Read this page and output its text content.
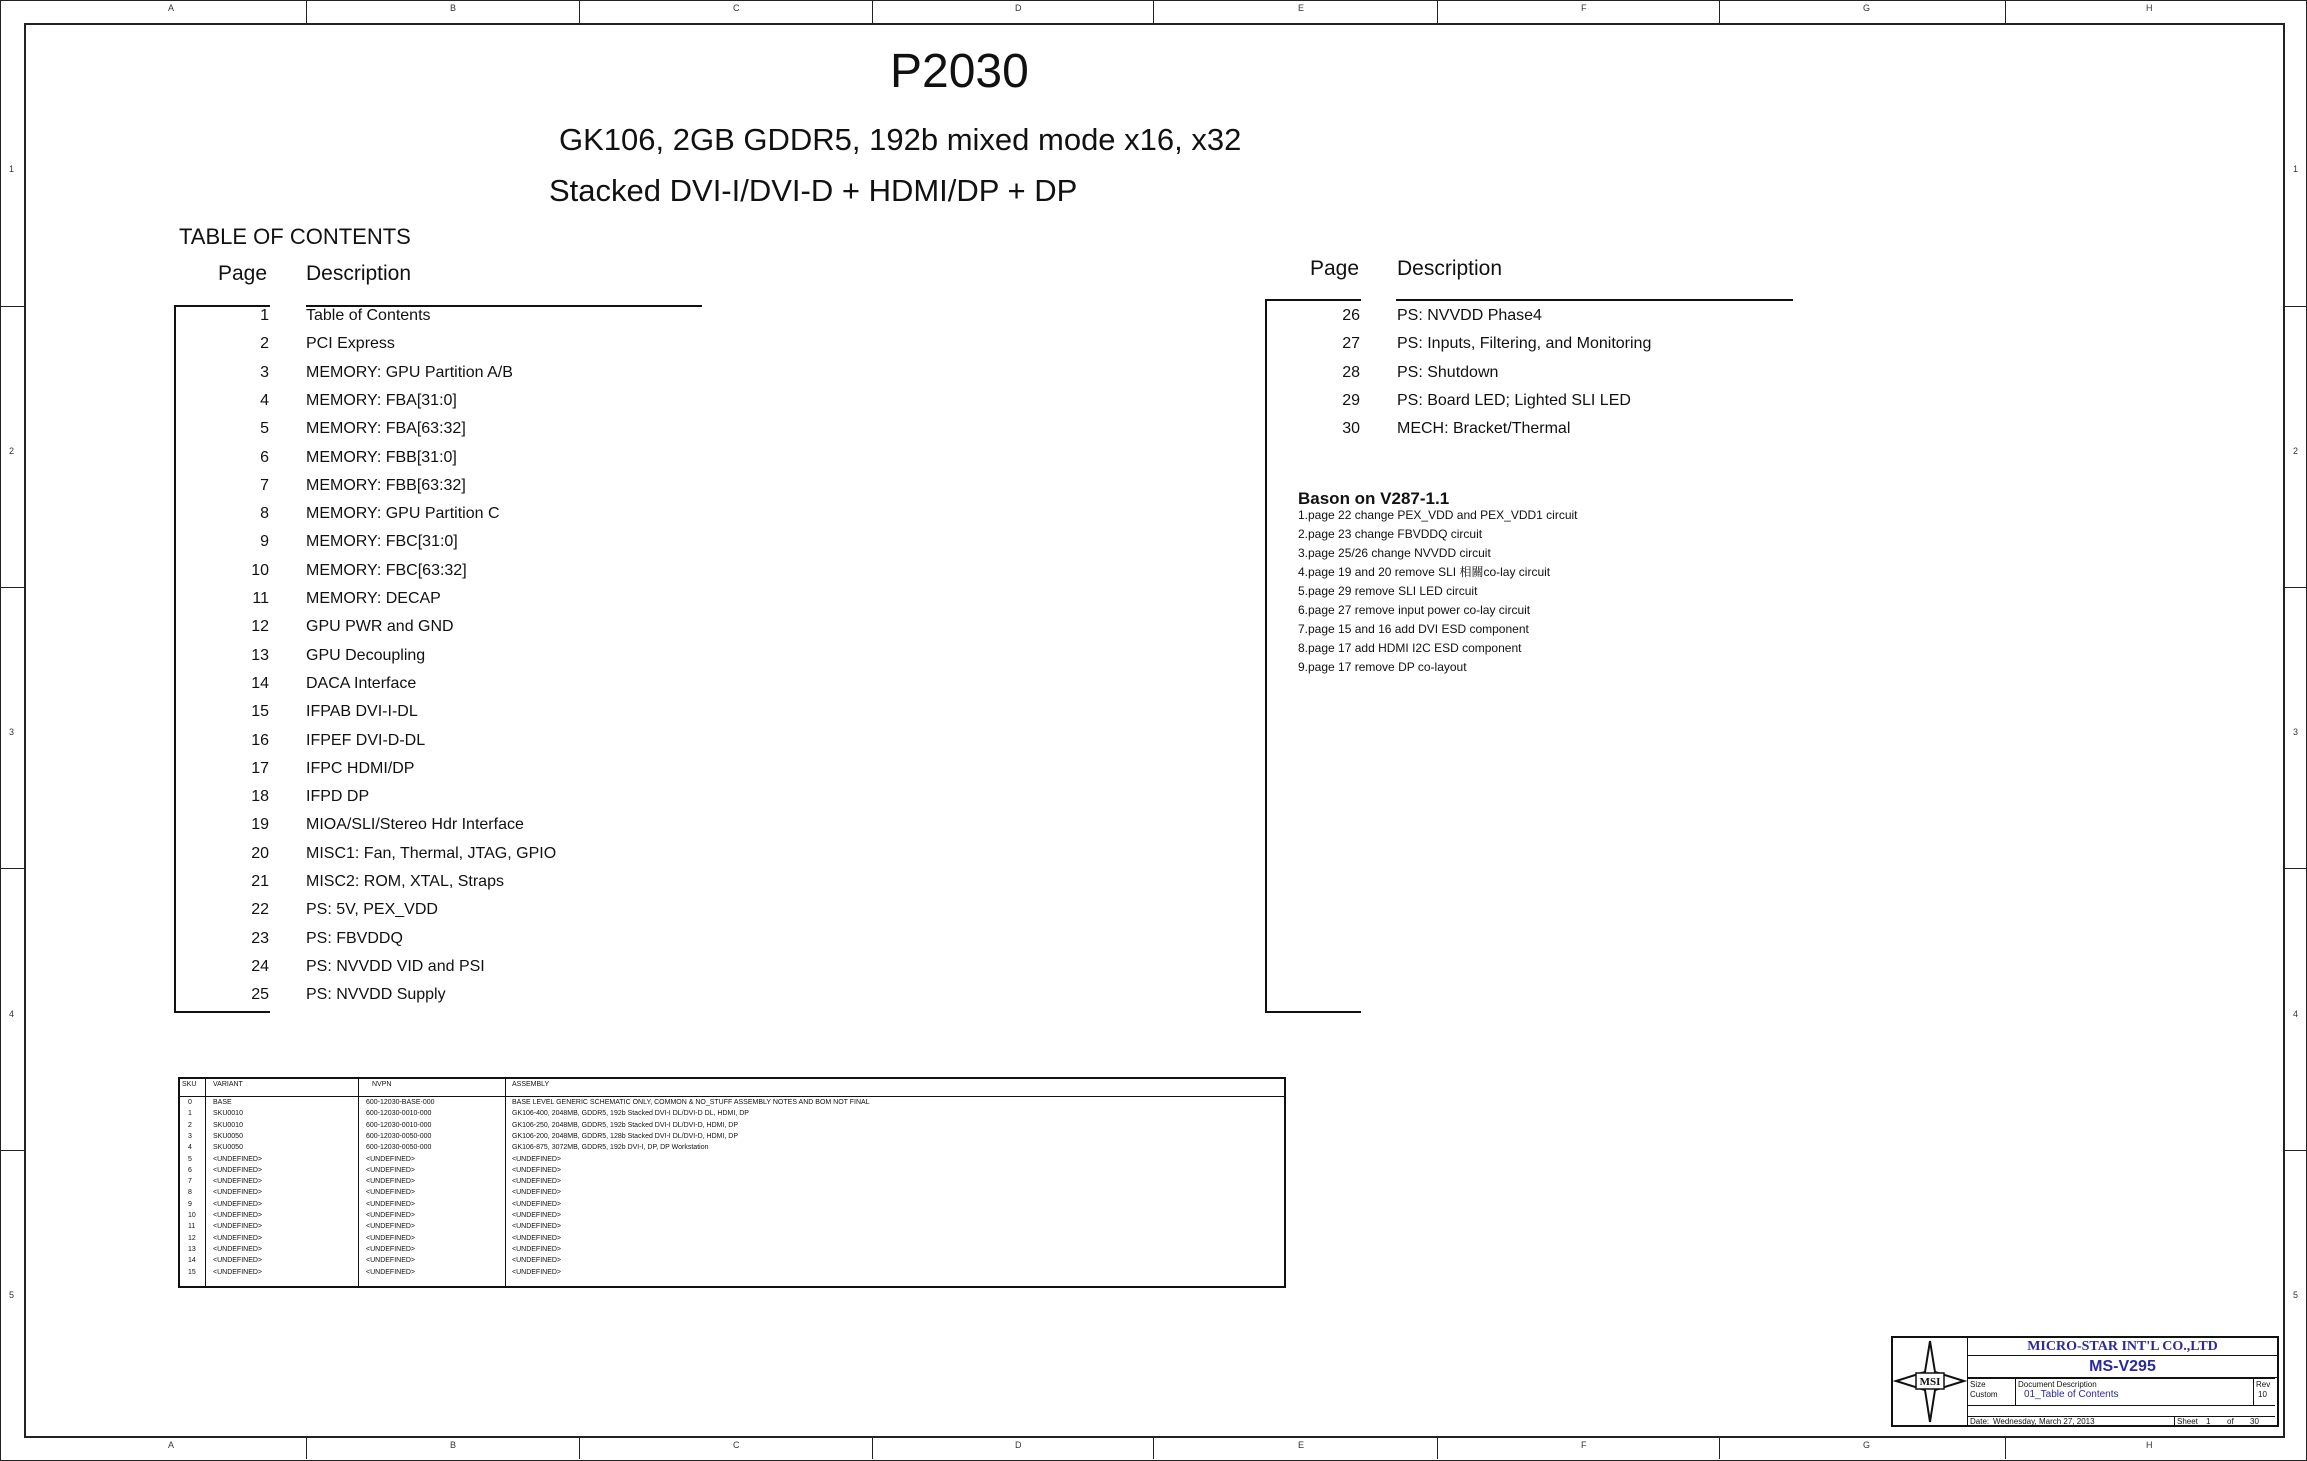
A
A
B
B
C
C
D
D
E
E
F
F
G
G
H
H
1	1
2	2
3	3
4	4
5	5
P2030
GK106, 2GB GDDR5, 192b mixed mode x16, x32
Stacked DVI-I/DVI-D + HDMI/DP + DP
TABLE OF CONTENTS
Page Description	Page Description
1 Table of Contents
2 PCI Express
3 MEMORY: GPU Partition A/B
4 MEMORY: FBA[31:0]
5 MEMORY: FBA[63:32]
6 MEMORY: FBB[31:0]
7 MEMORY: FBB[63:32]
8 MEMORY: GPU Partition C
9 MEMORY: FBC[31:0]
10 MEMORY: FBC[63:32]
11 MEMORY: DECAP
12 GPU PWR and GND
13 GPU Decoupling
14 DACA Interface
15 IFPAB DVI-I-DL
16 IFPEF DVI-D-DL
17 IFPC HDMI/DP
18 IFPD DP
19 MIOA/SLI/Stereo Hdr Interface
20 MISC1: Fan, Thermal, JTAG, GPIO
21 MISC2: ROM, XTAL, Straps
22 PS: 5V, PEX_VDD
23 PS: FBVDDQ
24 PS: NVVDD VID and PSI
25 PS: NVVDD Supply
26 PS: NVVDD Phase4
27 PS: Inputs, Filtering, and Monitoring
28 PS: Shutdown
29 PS: Board LED; Lighted SLI LED
30 MECH: Bracket/Thermal
Bason on V287-1.1
1.page 22 change PEX_VDD and PEX_VDD1 circuit
2.page 23 change FBVDDQ circuit
3.page 25/26 change NVVDD circuit
4.page 19 and 20 remove SLI 相關co-lay circuit
5.page 29 remove SLI LED circuit
6.page 27 remove input power co-lay circuit
7.page 15 and 16 add DVI ESD component
8.page 17 add HDMI I2C ESD component
9.page 17 remove DP co-layout
SKU VARIANT	NVPN	ASSEMBLY
0	BASE	600-12030-BASE-000	BASE LEVEL GENERIC SCHEMATIC ONLY, COMMON & NO_STUFF ASSEMBLY NOTES AND BOM NOT FINAL
1	SKU0010	600-12030-0010-000	GK106-400, 2048MB, GDDR5, 192b Stacked DVI-I DL/DVI-D DL, HDMI, DP
2	SKU0010	600-12030-0010-000	GK106-250, 2048MB, GDDR5, 192b Stacked DVI-I DL/DVI-D, HDMI, DP
3	SKU0050	600-12030-0050-000	GK106-200, 2048MB, GDDR5, 128b Stacked DVI-I DL/DVI-D, HDMI, DP
4	SKU0050	600-12030-0050-000	GK106-875, 3072MB, GDDR5, 192b DVI-I, DP, DP Workstation
5	<UNDEFINED>	<UNDEFINED>	<UNDEFINED>
6	<UNDEFINED>	<UNDEFINED>	<UNDEFINED>
7	<UNDEFINED>	<UNDEFINED>	<UNDEFINED>
8	<UNDEFINED>	<UNDEFINED>	<UNDEFINED>
9	<UNDEFINED>	<UNDEFINED>	<UNDEFINED>
10 <UNDEFINED>	<UNDEFINED>	<UNDEFINED>
11	<UNDEFINED>	<UNDEFINED>	<UNDEFINED>
12 <UNDEFINED>	<UNDEFINED>	<UNDEFINED>
13 <UNDEFINED>	<UNDEFINED>	<UNDEFINED>
14 <UNDEFINED>	<UNDEFINED>	<UNDEFINED>
15 <UNDEFINED>	<UNDEFINED>	<UNDEFINED>
MSI
MICRO-STAR INT'L CO.,LTD
MS-V295
Size
Custom
Document Description
01_Table of Contents
Rev
10
Date: Wednesday, March 27, 2013	Sheet 1 of 30
